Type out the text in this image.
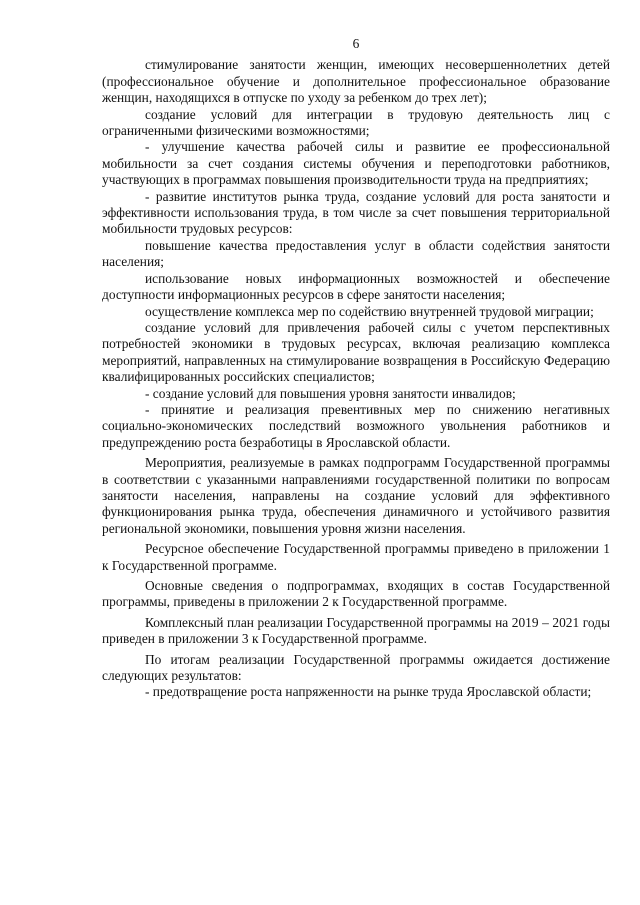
6

стимулирование занятости женщин, имеющих несовершеннолетних детей (профессиональное обучение и дополнительное профессиональное образование женщин, находящихся в отпуске по уходу за ребенком до трех лет);

создание условий для интеграции в трудовую деятельность лиц с ограниченными физическими возможностями;

- улучшение качества рабочей силы и развитие ее профессиональной мобильности за счет создания системы обучения и переподготовки работников, участвующих в программах повышения производительности труда на предприятиях;

- развитие институтов рынка труда, создание условий для роста занятости и эффективности использования труда, в том числе за счет повышения территориальной мобильности трудовых ресурсов:

повышение качества предоставления услуг в области содействия занятости населения;

использование новых информационных возможностей и обеспечение доступности информационных ресурсов в сфере занятости населения;

осуществление комплекса мер по содействию внутренней трудовой миграции;

создание условий для привлечения рабочей силы с учетом перспективных потребностей экономики в трудовых ресурсах, включая реализацию комплекса мероприятий, направленных на стимулирование возвращения в Российскую Федерацию квалифицированных российских специалистов;

- создание условий для повышения уровня занятости инвалидов;

- принятие и реализация превентивных мер по снижению негативных социально-экономических последствий возможного увольнения работников и предупреждению роста безработицы в Ярославской области.

Мероприятия, реализуемые в рамках подпрограмм Государственной программы в соответствии с указанными направлениями государственной политики по вопросам занятости населения, направлены на создание условий для эффективного функционирования рынка труда, обеспечения динамичного и устойчивого развития региональной экономики, повышения уровня жизни населения.

Ресурсное обеспечение Государственной программы приведено в приложении 1 к Государственной программе.

Основные сведения о подпрограммах, входящих в состав Государственной программы, приведены в приложении 2 к Государственной программе.

Комплексный план реализации Государственной программы на 2019 – 2021 годы приведен в приложении 3 к Государственной программе.

По итогам реализации Государственной программы ожидается достижение следующих результатов:

- предотвращение роста напряженности на рынке труда Ярославской области;
